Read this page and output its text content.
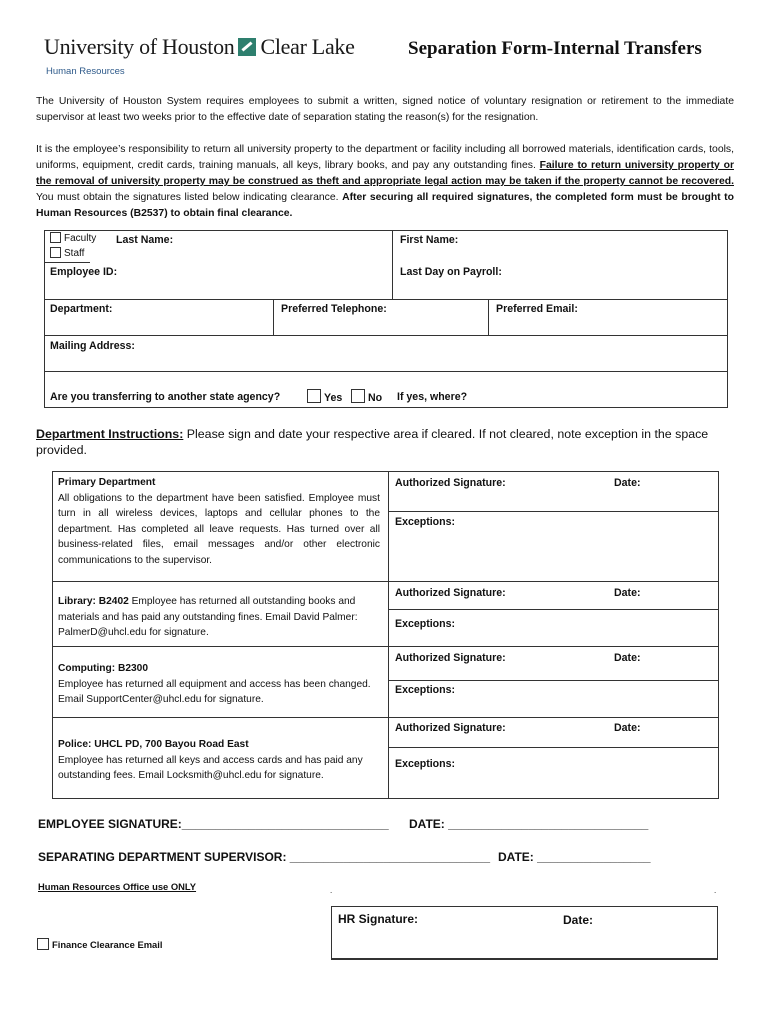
University of Houston Clear Lake
Human Resources
Separation Form-Internal Transfers
The University of Houston System requires employees to submit a written, signed notice of voluntary resignation or retirement to the immediate supervisor at least two weeks prior to the effective date of separation stating the reason(s) for the resignation.
It is the employee’s responsibility to return all university property to the department or facility including all borrowed materials, identification cards, tools, uniforms, equipment, credit cards, training manuals, all keys, library books, and pay any outstanding fines. Failure to return university property or the removal of university property may be construed as theft and appropriate legal action may be taken if the property cannot be recovered. You must obtain the signatures listed below indicating clearance. After securing all required signatures, the completed form must be brought to Human Resources (B2537) to obtain final clearance.
Faculty
Staff
Last Name:	First Name:
Employee ID:	Last Day on Payroll:
Department:	Preferred Telephone:	Preferred Email:
Mailing Address:
Are you transferring to another state agency?	Yes	No If yes, where?
Department Instructions: Please sign and date your respective area if cleared. If not cleared, note exception in the space provided.
Primary Department
All obligations to the department have been satisfied. Employee must turn in all wireless devices, laptops and cellular phones to the department. Has completed all leave requests. Has turned over all business-related files, email messages and/or other electronic communications to the supervisor.
Authorized Signature:	Date:
Exceptions:
Library: B2402 Employee has returned all outstanding books and materials and has paid any outstanding fines. Email David Palmer: PalmerD@uhcl.edu for signature.
Authorized Signature:	Date:
Exceptions:
Computing: B2300
Employee has returned all equipment and access has been changed. Email SupportCenter@uhcl.edu for signature.
Authorized Signature:	Date:
Exceptions:
Police: UHCL PD, 700 Bayou Road East
Employee has returned all keys and access cards and has paid any outstanding fees. Email Locksmith@uhcl.edu for signature.
Authorized Signature:	Date:
Exceptions:
EMPLOYEE SIGNATURE:_______________________________ DATE: ______________________________
SEPARATING DEPARTMENT SUPERVISOR: ______________________________ DATE: _________________
Human Resources Office use ONLY	.	.
HR Signature:	Date:
Finance Clearance Email
